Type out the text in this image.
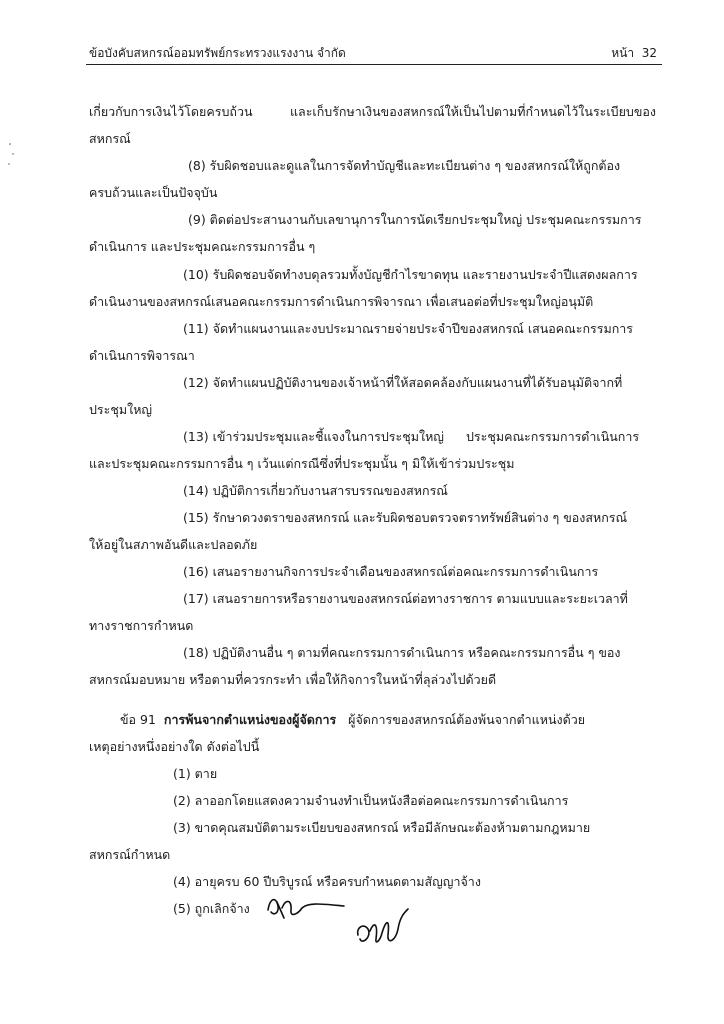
ข้อบังคับสหกรณ์ออมทรัพย์กระทรวงแรงงาน จำกัด	หน้า 32
เกี่ยวกับการเงินไว้โดยครบถ้วน	และเก็บรักษาเงินของสหกรณ์ให้เป็นไปตามที่กำหนดไว้ในระเบียบของ
สหกรณ์
(8) รับผิดชอบและดูแลในการจัดทำบัญชีและทะเบียนต่าง ๆ ของสหกรณ์ให้ถูกต้อง
ครบถ้วนและเป็นปัจจุบัน
(9) ติดต่อประสานงานกับเลขานุการในการนัดเรียกประชุมใหญ่ ประชุมคณะกรรมการ
ดำเนินการ และประชุมคณะกรรมการอื่น ๆ
(10) รับผิดชอบจัดทำงบดุลรวมทั้งบัญชีกำไรขาดทุน และรายงานประจำปีแสดงผลการ
ดำเนินงานของสหกรณ์เสนอคณะกรรมการดำเนินการพิจารณา เพื่อเสนอต่อที่ประชุมใหญ่อนุมัติ
(11) จัดทำแผนงานและงบประมาณรายจ่ายประจำปีของสหกรณ์ เสนอคณะกรรมการ
ดำเนินการพิจารณา
(12) จัดทำแผนปฏิบัติงานของเจ้าหน้าที่ให้สอดคล้องกับแผนงานที่ได้รับอนุมัติจากที่
ประชุมใหญ่
(13) เข้าร่วมประชุมและชี้แจงในการประชุมใหญ่ ประชุมคณะกรรมการดำเนินการ
และประชุมคณะกรรมการอื่น ๆ เว้นแต่กรณีซึ่งที่ประชุมนั้น ๆ มิให้เข้าร่วมประชุม
(14) ปฏิบัติการเกี่ยวกับงานสารบรรณของสหกรณ์
(15) รักษาดวงตราของสหกรณ์ และรับผิดชอบตรวจตราทรัพย์สินต่าง ๆ ของสหกรณ์
ให้อยู่ในสภาพอันดีและปลอดภัย
(16) เสนอรายงานกิจการประจำเดือนของสหกรณ์ต่อคณะกรรมการดำเนินการ
(17) เสนอรายการหรือรายงานของสหกรณ์ต่อทางราชการ ตามแบบและระยะเวลาที่
ทางราชการกำหนด
(18) ปฏิบัติงานอื่น ๆ ตามที่คณะกรรมการดำเนินการ หรือคณะกรรมการอื่น ๆ ของ
สหกรณ์มอบหมาย หรือตามที่ควรกระทำ เพื่อให้กิจการในหน้าที่ลุล่วงไปด้วยดี
ข้อ 91 การพ้นจากตำแหน่งของผู้จัดการ ผู้จัดการของสหกรณ์ต้องพ้นจากตำแหน่งด้วย
เหตุอย่างหนึ่งอย่างใด ดังต่อไปนี้
(1) ตาย
(2) ลาออกโดยแสดงความจำนงทำเป็นหนังสือต่อคณะกรรมการดำเนินการ
(3) ขาดคุณสมบัติตามระเบียบของสหกรณ์ หรือมีลักษณะต้องห้ามตามกฎหมาย
สหกรณ์กำหนด
(4) อายุครบ 60 ปีบริบูรณ์ หรือครบกำหนดตามสัญญาจ้าง
(5) ถูกเลิกจ้าง
